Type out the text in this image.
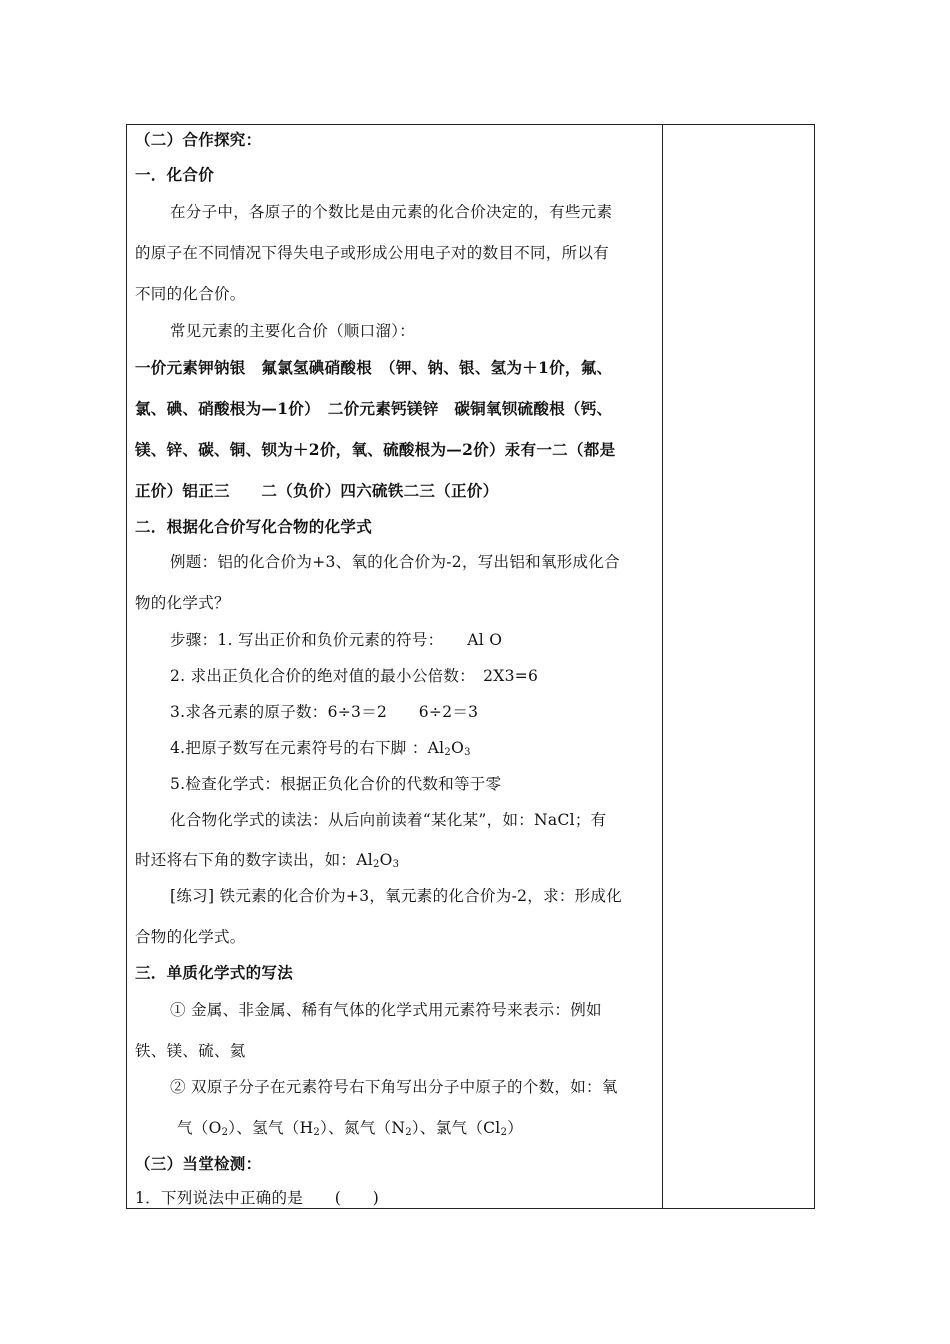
（二）合作探究：
一．化合价
在分子中，各原子的个数比是由元素的化合价决定的，有些元素
的原子在不同情况下得失电子或形成公用电子对的数目不同，所以有
不同的化合价。
常见元素的主要化合价（顺口溜）：
一价元素钾钠银　氟氯氢碘硝酸根　（钾、钠、银、氢为＋1价，氟、
氯、碘、硝酸根为—1价）　二价元素钙镁锌　碳铜氧钡硫酸根（钙、
镁、锌、碳、铜、钡为＋2价，氧、硫酸根为—2价）汞有一二（都是
正价）铝正三　　二（负价）四六硫铁二三（正价）
二．根据化合价写化合物的化学式
例题：铝的化合价为+3、氧的化合价为-2，写出铝和氧形成化合
物的化学式？
步骤：1. 写出正价和负价元素的符号：　　Al O
2. 求出正负化合价的绝对值的最小公倍数：　2X3=6
3.求各元素的原子数：6÷3＝2　　6÷2＝3
4.把原子数写在元素符号的右下脚 ：$Al_2O_3$
5.检查化学式：根据正负化合价的代数和等于零
化合物化学式的读法：从后向前读着“某化某”，如：NaCl；有
时还将右下角的数字读出，如：$Al_2O_3$
[练习] 铁元素的化合价为+3，氧元素的化合价为-2，求：形成化
合物的化学式。
三．单质化学式的写法
① 金属、非金属、稀有气体的化学式用元素符号来表示：例如
铁、镁、硫、氦
② 双原子分子在元素符号右下角写出分子中原子的个数，如：氧
气$(O_2)$、氢气$(H_2)$、氮气$(N_2)$、氯气$(Cl_2)$
（三）当堂检测：
1．下列说法中正确的是　　(　　)
